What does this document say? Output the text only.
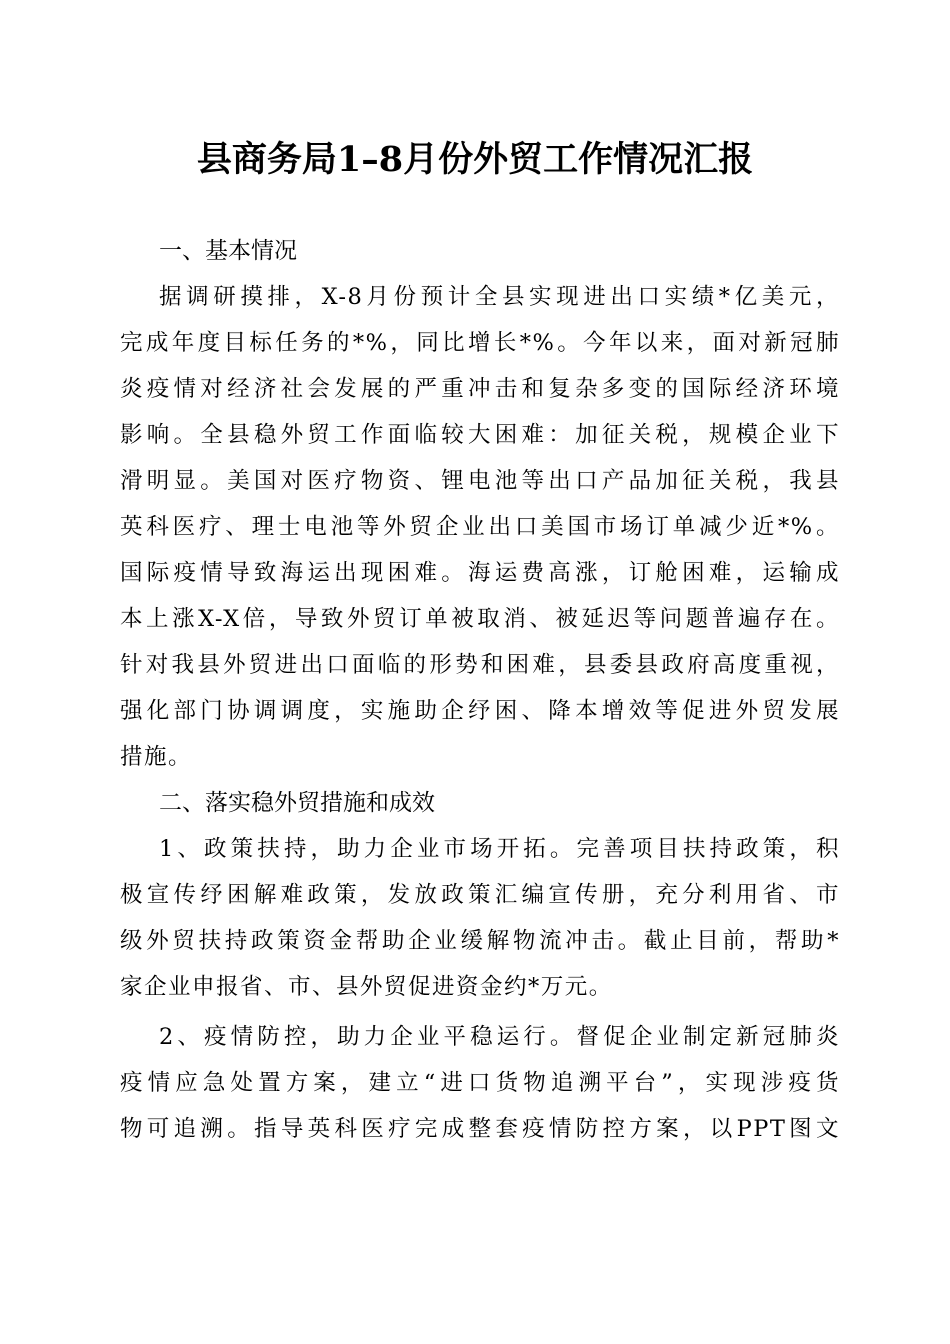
县商务局1–8月份外贸工作情况汇报
一、基本情况
据调研摸排，X-8月份预计全县实现进出口实绩*亿美元，
完成年度目标任务的*%，同比增长*%。今年以来，面对新冠肺
炎疫情对经济社会发展的严重冲击和复杂多变的国际经济环境
影响。全县稳外贸工作面临较大困难：加征关税，规模企业下
滑明显。美国对医疗物资、锂电池等出口产品加征关税，我县
英科医疗、理士电池等外贸企业出口美国市场订单减少近*%。
国际疫情导致海运出现困难。海运费高涨，订舱困难，运输成
本上涨X-X倍，导致外贸订单被取消、被延迟等问题普遍存在。
针对我县外贸进出口面临的形势和困难，县委县政府高度重视，
强化部门协调调度，实施助企纾困、降本增效等促进外贸发展
措施。
二、落实稳外贸措施和成效
1、政策扶持，助力企业市场开拓。完善项目扶持政策，积
极宣传纾困解难政策，发放政策汇编宣传册，充分利用省、市
级外贸扶持政策资金帮助企业缓解物流冲击。截止目前，帮助*
家企业申报省、市、县外贸促进资金约*万元。
2、疫情防控，助力企业平稳运行。督促企业制定新冠肺炎
疫情应急处置方案，建立“进口货物追溯平台”，实现涉疫货
物可追溯。指导英科医疗完成整套疫情防控方案，以PPT图文
